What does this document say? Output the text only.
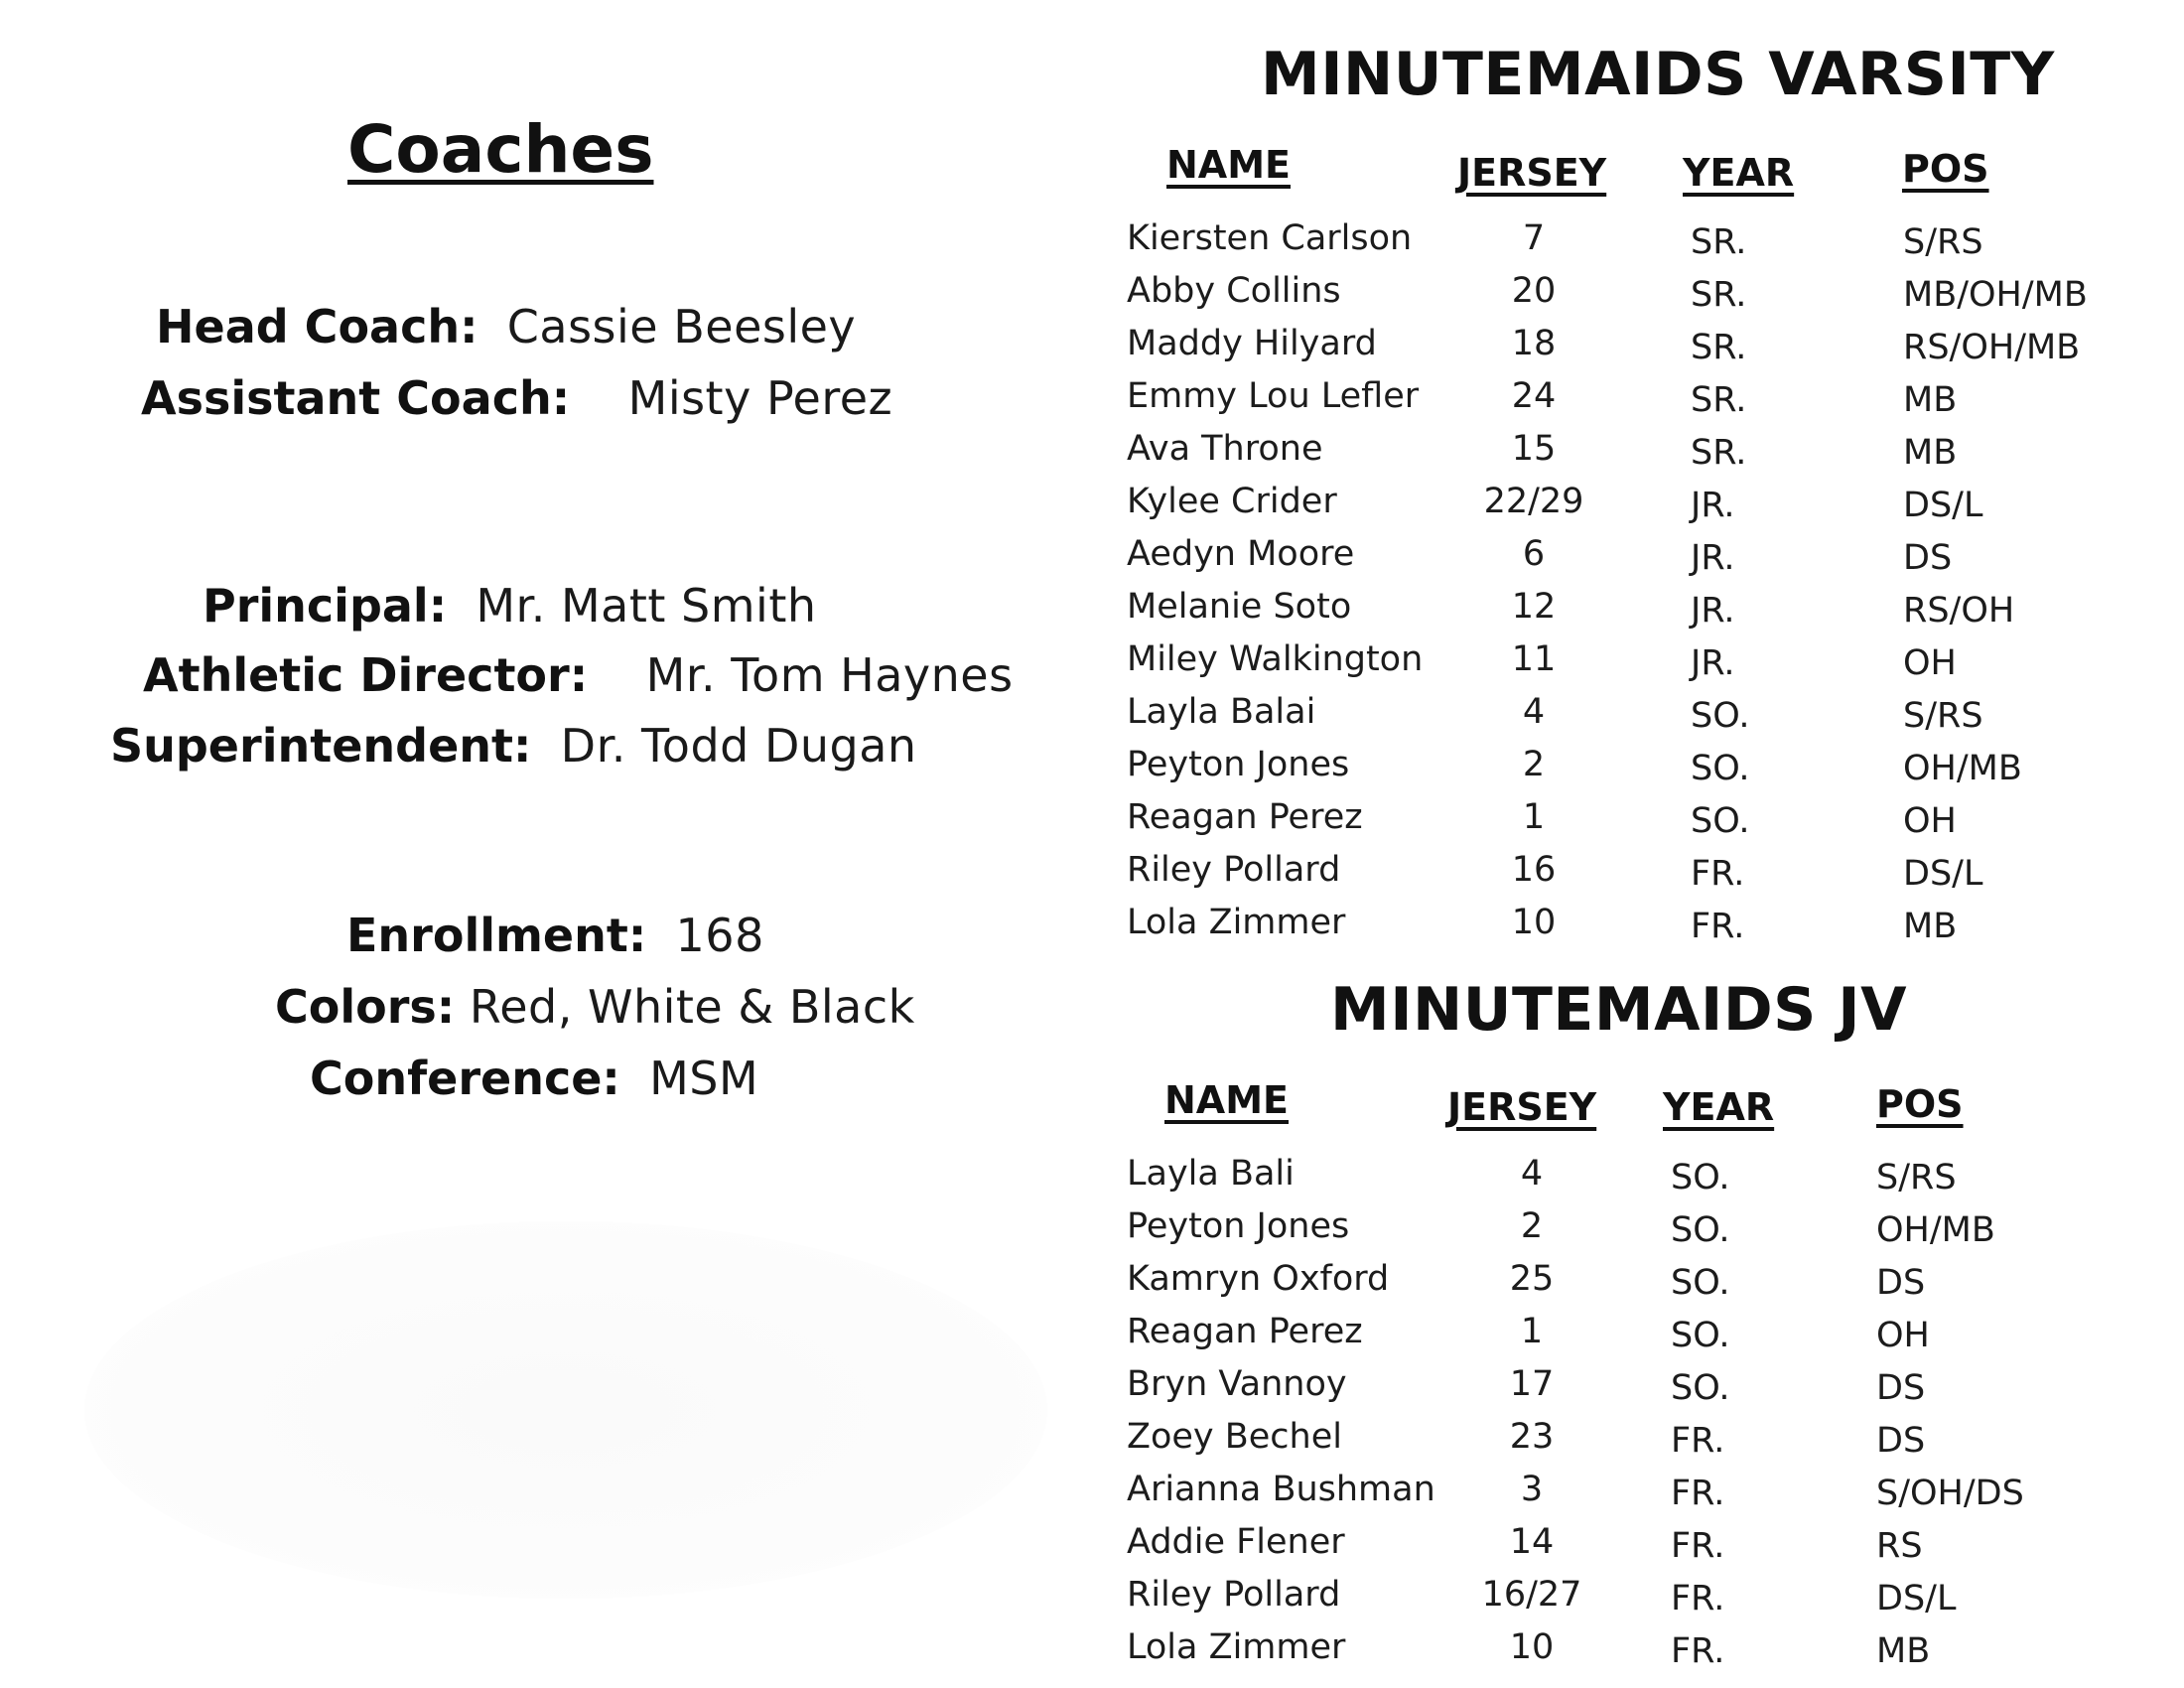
Coaches
Head Coach: Cassie Beesley
Assistant Coach: Misty Perez
Principal: Mr. Matt Smith
Athletic Director: Mr. Tom Haynes
Superintendent: Dr. Todd Dugan
Enrollment: 168
Colors: Red, White & Black
Conference: MSM
MINUTEMAIDS VARSITY
NAME	JERSEY YEAR	POS
Kiersten Carlson	7	SR.	S/RS
Abby Collins	20	SR.	MB/OH/MB
Maddy Hilyard	18	SR.	RS/OH/MB
Emmy Lou Lefler	24	SR.	MB
Ava Throne	15	SR.	MB
Kylee Crider	22/29	JR.	DS/L
Aedyn Moore	6	JR.	DS
Melanie Soto	12	JR.	RS/OH
Miley Walkington	11	JR.	OH
Layla Balai	4	SO.	S/RS
Peyton Jones	2	SO.	OH/MB
Reagan Perez	1	SO.	OH
Riley Pollard	16	FR.	DS/L
Lola Zimmer	10	FR.	MB
MINUTEMAIDS JV
NAME	JERSEY YEAR	POS
Layla Bali	4	SO.	S/RS
Peyton Jones	2	SO.	OH/MB
Kamryn Oxford	25	SO.	DS
Reagan Perez	1	SO.	OH
Bryn Vannoy	17	SO.	DS
Zoey Bechel	23	FR.	DS
Arianna Bushman	3	FR.	S/OH/DS
Addie Flener	14	FR.	RS
Riley Pollard	16/27	FR.	DS/L
Lola Zimmer	10	FR.	MB
